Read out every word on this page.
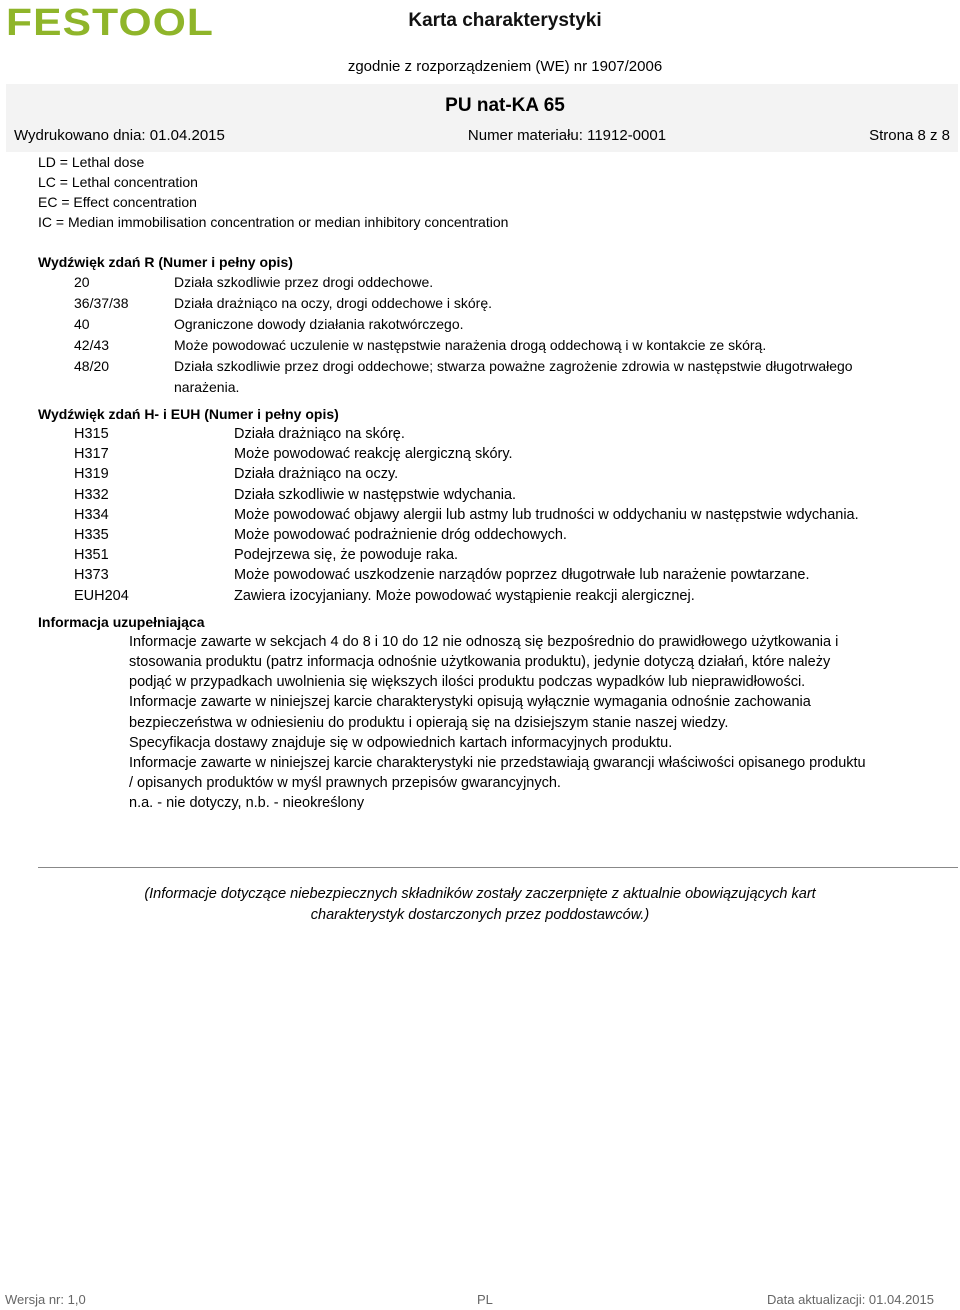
FESTOOL	Karta charakterystyki
zgodnie z rozporządzeniem (WE) nr 1907/2006
PU nat-KA 65
Wydrukowano dnia: 01.04.2015	Numer materiału: 11912-0001	Strona 8 z 8
LD = Lethal dose
LC = Lethal concentration
EC = Effect concentration
IC = Median immobilisation concentration or median inhibitory concentration
Wydźwięk zdań R (Numer i pełny opis)
20	Działa szkodliwie przez drogi oddechowe.
36/37/38	Działa drażniąco na oczy, drogi oddechowe i skórę.
40	Ograniczone dowody działania rakotwórczego.
42/43	Może powodować uczulenie w następstwie narażenia drogą oddechową i w kontakcie ze skórą.
48/20	Działa szkodliwie przez drogi oddechowe; stwarza poważne zagrożenie zdrowia w następstwie długotrwałego narażenia.
Wydźwięk zdań H- i EUH (Numer i pełny opis)
H315	Działa drażniąco na skórę.
H317	Może powodować reakcję alergiczną skóry.
H319	Działa drażniąco na oczy.
H332	Działa szkodliwie w następstwie wdychania.
H334	Może powodować objawy alergii lub astmy lub trudności w oddychaniu w następstwie wdychania.
H335	Może powodować podrażnienie dróg oddechowych.
H351	Podejrzewa się, że powoduje raka.
H373	Może powodować uszkodzenie narządów poprzez długotrwałe lub narażenie powtarzane.
EUH204	Zawiera izocyjaniany. Może powodować wystąpienie reakcji alergicznej.
Informacja uzupełniająca
Informacje zawarte w sekcjach 4 do 8 i 10 do 12 nie odnoszą się bezpośrednio do prawidłowego użytkowania i stosowania produktu (patrz informacja odnośnie użytkowania produktu), jedynie dotyczą działań, które należy podjąć w przypadkach uwolnienia się większych ilości produktu podczas wypadków lub nieprawidłowości.
Informacje zawarte w niniejszej karcie charakterystyki opisują wyłącznie wymagania odnośnie zachowania bezpieczeństwa w odniesieniu do produktu i opierają się na dzisiejszym stanie naszej wiedzy.
Specyfikacja dostawy znajduje się w odpowiednich kartach informacyjnych produktu.
Informacje zawarte w niniejszej karcie charakterystyki nie przedstawiają gwarancji właściwości opisanego produktu / opisanych produktów w myśl prawnych przepisów gwarancyjnych.
n.a. - nie dotyczy, n.b. - nieokreślony
(Informacje dotyczące niebezpiecznych składników zostały zaczerpnięte z aktualnie obowiązujących kart charakterystyk dostarczonych przez poddostawców.)
Wersja nr: 1,0	PL	Data aktualizacji: 01.04.2015
